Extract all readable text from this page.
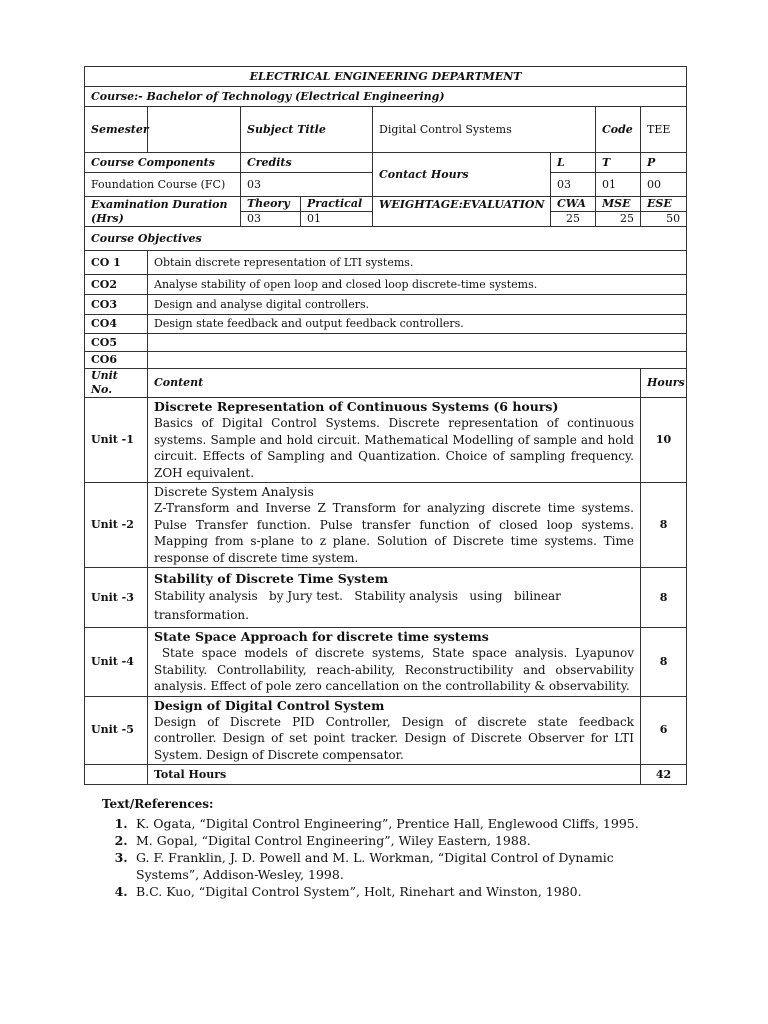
ELECTRICAL ENGINEERING DEPARTMENT							
Course:- Bachelor of Technology (Electrical Engineering)							
Semester		Subject Title		Digital Control Systems		Code	TEE
Course Components		Credits		Contact Hours	L	T	P
Foundation Course (FC)		03			03	01	00
Examination Duration (Hrs)		Theory	Practical	WEIGHTAGE:EVALUATION	CWA	MSE	ESE
		03	01		25	25	50
Course Objectives							
CO 1	Obtain discrete representation of LTI systems.						
CO2	Analyse stability of open loop and closed loop discrete-time systems.						
CO3	Design and analyse digital controllers.						
CO4	Design state feedback and output feedback controllers.						
CO5							
CO6							
Unit No.	Content						Hours
Unit -1	Discrete Representation of Continuous Systems (6 hours)
Basics of Digital Control Systems. Discrete representation of continuous systems. Sample and hold circuit. Mathematical Modelling of sample and hold circuit. Effects of Sampling and Quantization. Choice of sampling frequency. ZOH equivalent.						10
Unit -2	Discrete System Analysis
Z-Transform and Inverse Z Transform for analyzing discrete time systems. Pulse Transfer function. Pulse transfer function of closed loop systems. Mapping from s-plane to z plane. Solution of Discrete time systems. Time response of discrete time system.						8
Unit -3	Stability of Discrete Time System
Stability analysis   by Jury test.   Stability analysis   using   bilinear transformation.						8
Unit -4	State Space Approach for discrete time systems
State space models of discrete systems, State space analysis. Lyapunov Stability. Controllability, reach-ability, Reconstructibility and observability analysis. Effect of pole zero cancellation on the controllability & observability.						8
Unit -5	Design of Digital Control System
Design of Discrete PID Controller, Design of discrete state feedback controller. Design of set point tracker. Design of Discrete Observer for LTI System. Design of Discrete compensator.						6
	Total Hours						42
Text/References:
1. K. Ogata, “Digital Control Engineering”, Prentice Hall, Englewood Cliffs, 1995.
2. M. Gopal, “Digital Control Engineering”, Wiley Eastern, 1988.
3. G. F. Franklin, J. D. Powell and M. L. Workman, “Digital Control of Dynamic Systems”, Addison-Wesley, 1998.
4. B.C. Kuo, “Digital Control System”, Holt, Rinehart and Winston, 1980.
